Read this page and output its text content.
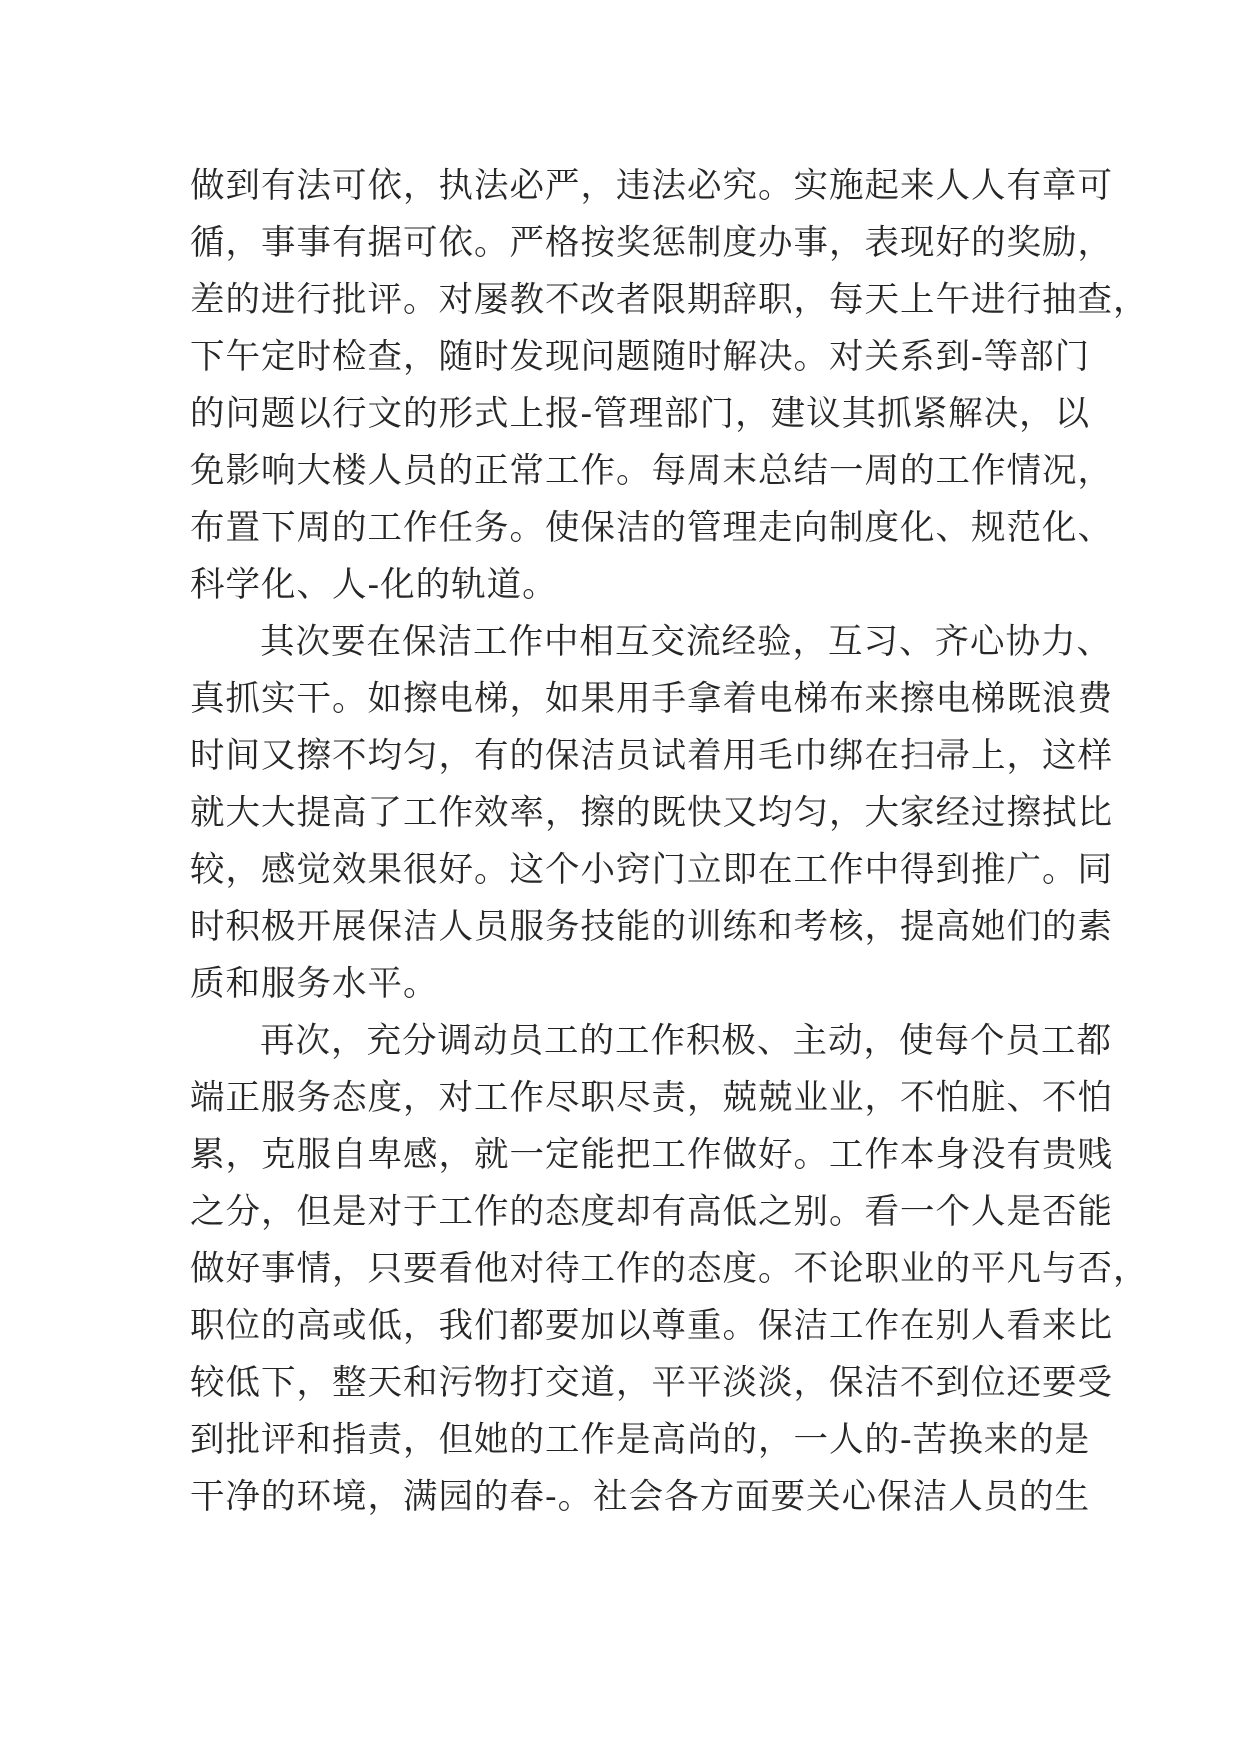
做到有法可依，执法必严，违法必究。实施起来人人有章可
循，事事有据可依。严格按奖惩制度办事，表现好的奖励，
差的进行批评。对屡教不改者限期辞职，每天上午进行抽查，
下午定时检查，随时发现问题随时解决。对关系到-等部门
的问题以行文的形式上报-管理部门，建议其抓紧解决，以
免影响大楼人员的正常工作。每周末总结一周的工作情况，
布置下周的工作任务。使保洁的管理走向制度化、规范化、
科学化、人-化的轨道。
其次要在保洁工作中相互交流经验，互习、齐心协力、
真抓实干。如擦电梯，如果用手拿着电梯布来擦电梯既浪费
时间又擦不均匀，有的保洁员试着用毛巾绑在扫帚上，这样
就大大提高了工作效率，擦的既快又均匀，大家经过擦拭比
较，感觉效果很好。这个小窍门立即在工作中得到推广。同
时积极开展保洁人员服务技能的训练和考核，提高她们的素
质和服务水平。
再次，充分调动员工的工作积极、主动，使每个员工都
端正服务态度，对工作尽职尽责，兢兢业业，不怕脏、不怕
累，克服自卑感，就一定能把工作做好。工作本身没有贵贱
之分，但是对于工作的态度却有高低之别。看一个人是否能
做好事情，只要看他对待工作的态度。不论职业的平凡与否，
职位的高或低，我们都要加以尊重。保洁工作在别人看来比
较低下，整天和污物打交道，平平淡淡，保洁不到位还要受
到批评和指责，但她的工作是高尚的，一人的-苦换来的是
干净的环境，满园的春-。社会各方面要关心保洁人员的生
